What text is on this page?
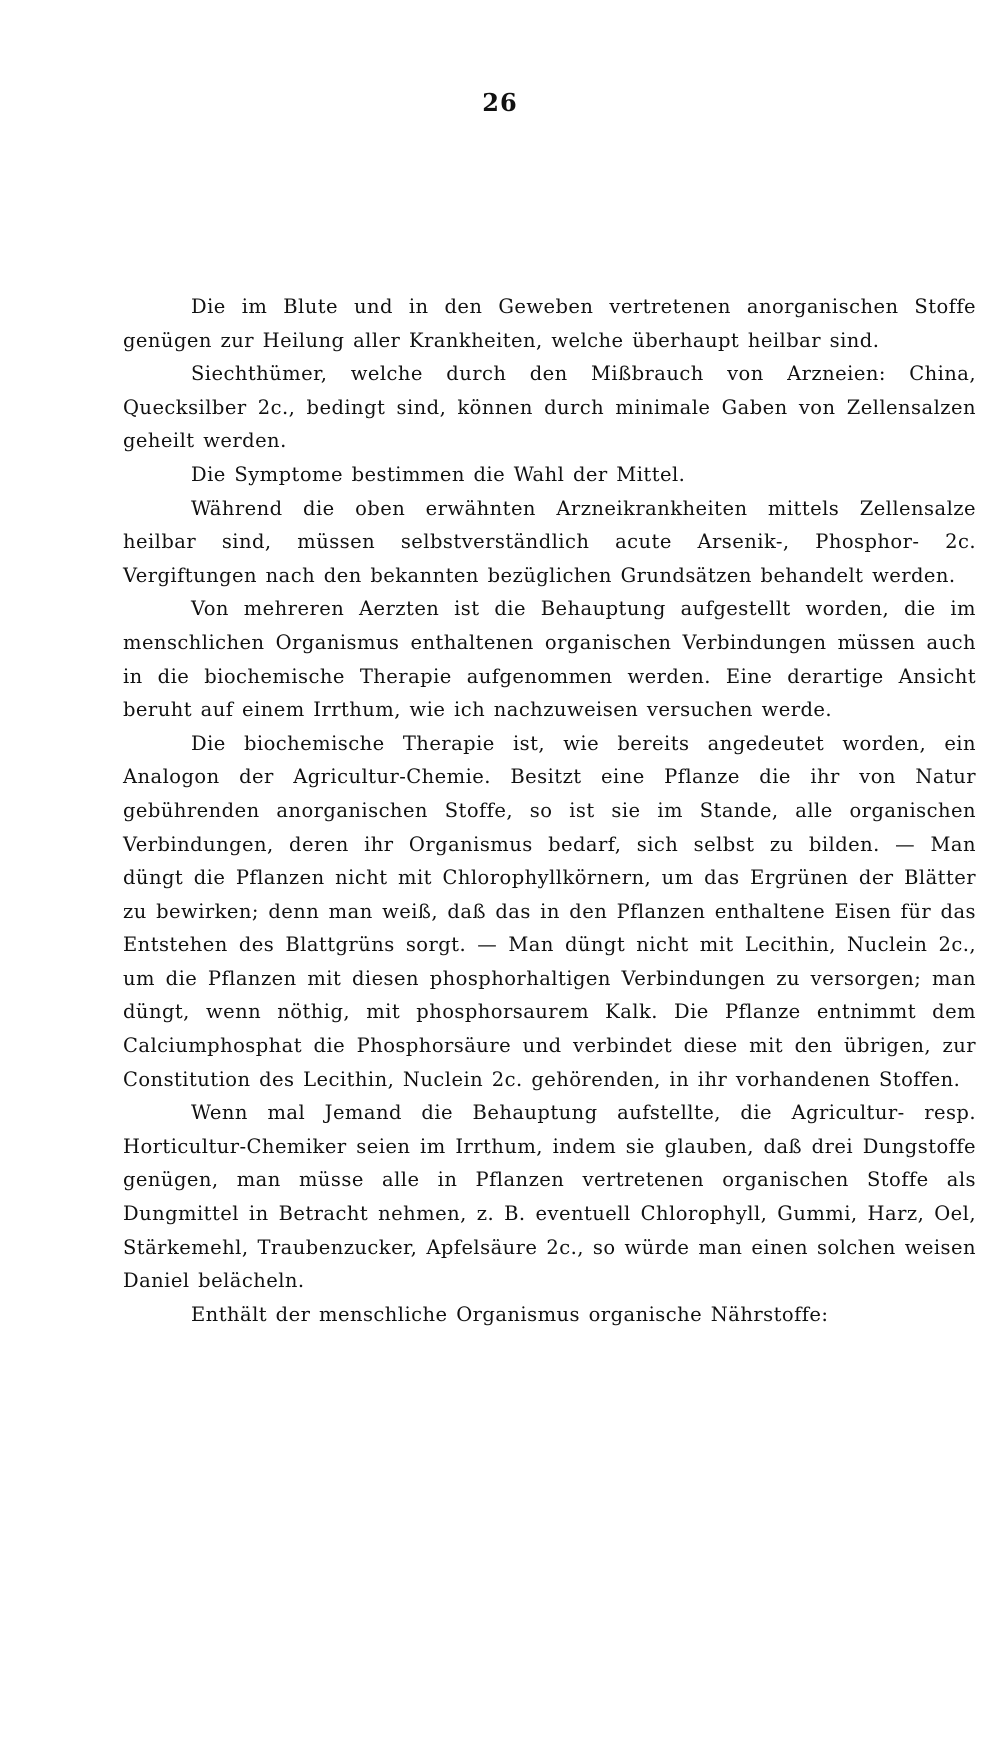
26

Die im Blute und in den Geweben vertretenen anorganischen Stoffe genügen zur Heilung aller Krankheiten, welche überhaupt heilbar sind.

Siechthümer, welche durch den Mißbrauch von Arzneien: China, Quecksilber 2c., bedingt sind, können durch minimale Gaben von Zellensalzen geheilt werden.

Die Symptome bestimmen die Wahl der Mittel.

Während die oben erwähnten Arzneikrankheiten mittels Zellensalze heilbar sind, müssen selbstverständlich acute Arsenik-, Phosphor- 2c. Vergiftungen nach den bekannten bezüglichen Grundsätzen behandelt werden.

Von mehreren Aerzten ist die Behauptung aufgestellt worden, die im menschlichen Organismus enthaltenen organischen Verbindungen müssen auch in die biochemische Therapie aufgenommen werden. Eine derartige Ansicht beruht auf einem Irrthum, wie ich nachzuweisen versuchen werde.

Die biochemische Therapie ist, wie bereits angedeutet worden, ein Analogon der Agricultur-Chemie. Besitzt eine Pflanze die ihr von Natur gebührenden anorganischen Stoffe, so ist sie im Stande, alle organischen Verbindungen, deren ihr Organismus bedarf, sich selbst zu bilden. — Man düngt die Pflanzen nicht mit Chlorophyllkörnern, um das Ergrünen der Blätter zu bewirken; denn man weiß, daß das in den Pflanzen enthaltene Eisen für das Entstehen des Blattgrüns sorgt. — Man düngt nicht mit Lecithin, Nuclein 2c., um die Pflanzen mit diesen phosphorhaltigen Verbindungen zu versorgen; man düngt, wenn nöthig, mit phosphorsaurem Kalk. Die Pflanze entnimmt dem Calciumphosphat die Phosphorsäure und verbindet diese mit den übrigen, zur Constitution des Lecithin, Nuclein 2c. gehörenden, in ihr vorhandenen Stoffen.

Wenn mal Jemand die Behauptung aufstellte, die Agricultur- resp. Horticultur-Chemiker seien im Irrthum, indem sie glauben, daß drei Dungstoffe genügen, man müsse alle in Pflanzen vertretenen organischen Stoffe als Dungmittel in Betracht nehmen, z. B. eventuell Chlorophyll, Gummi, Harz, Oel, Stärkemehl, Traubenzucker, Apfelsäure 2c., so würde man einen solchen weisen Daniel belächeln.

Enthält der menschliche Organismus organische Nährstoffe:
